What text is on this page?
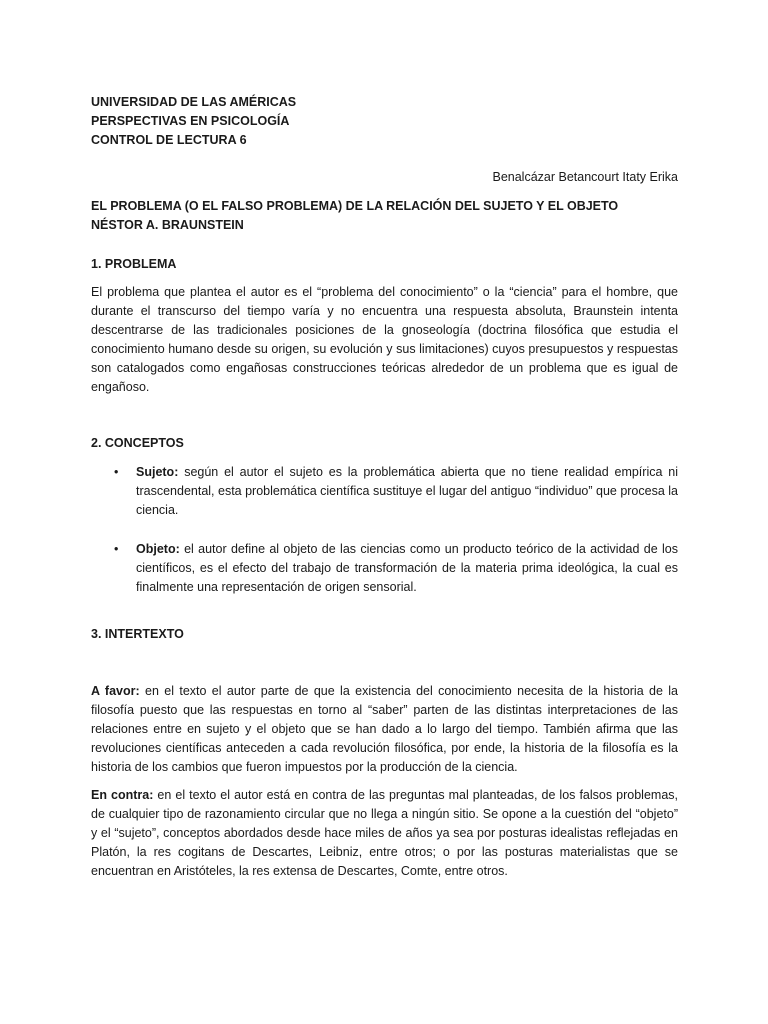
UNIVERSIDAD DE LAS AMÉRICAS
PERSPECTIVAS EN PSICOLOGÍA
CONTROL DE LECTURA 6
Benalcázar Betancourt Itaty Erika
EL PROBLEMA (O EL FALSO PROBLEMA) DE LA RELACIÓN DEL SUJETO Y EL OBJETO
NÉSTOR A. BRAUNSTEIN
1. PROBLEMA

El problema que plantea el autor es el “problema del conocimiento” o la “ciencia” para el hombre, que durante el transcurso del tiempo varía y no encuentra una respuesta absoluta, Braunstein intenta descentrarse de las tradicionales posiciones de la gnoseología (doctrina filosófica que estudia el conocimiento humano desde su origen, su evolución y sus limitaciones) cuyos presupuestos y respuestas son catalogados como engañosas construcciones teóricas alrededor de un problema que es igual de engañoso.

2. CONCEPTOS
• Sujeto: según el autor el sujeto es la problemática abierta que no tiene realidad empírica ni trascendental, esta problemática científica sustituye el lugar del antiguo “individuo” que procesa la ciencia.
• Objeto: el autor define al objeto de las ciencias como un producto teórico de la actividad de los científicos, es el efecto del trabajo de transformación de la materia prima ideológica, la cual es finalmente una representación de origen sensorial.
3. INTERTEXTO

A favor: en el texto el autor parte de que la existencia del conocimiento necesita de la historia de la filosofía puesto que las respuestas en torno al “saber” parten de las distintas interpretaciones de las relaciones entre en sujeto y el objeto que se han dado a lo largo del tiempo. También afirma que las revoluciones científicas anteceden a cada revolución filosófica, por ende, la historia de la filosofía es la historia de los cambios que fueron impuestos por la producción de la ciencia.

En contra: en el texto el autor está en contra de las preguntas mal planteadas, de los falsos problemas, de cualquier tipo de razonamiento circular que no llega a ningún sitio. Se opone a la cuestión del “objeto” y el “sujeto”, conceptos abordados desde hace miles de años ya sea por posturas idealistas reflejadas en Platón, la res cogitans de Descartes, Leibniz, entre otros; o por las posturas materialistas que se encuentran en Aristóteles, la res extensa de Descartes, Comte, entre otros.
